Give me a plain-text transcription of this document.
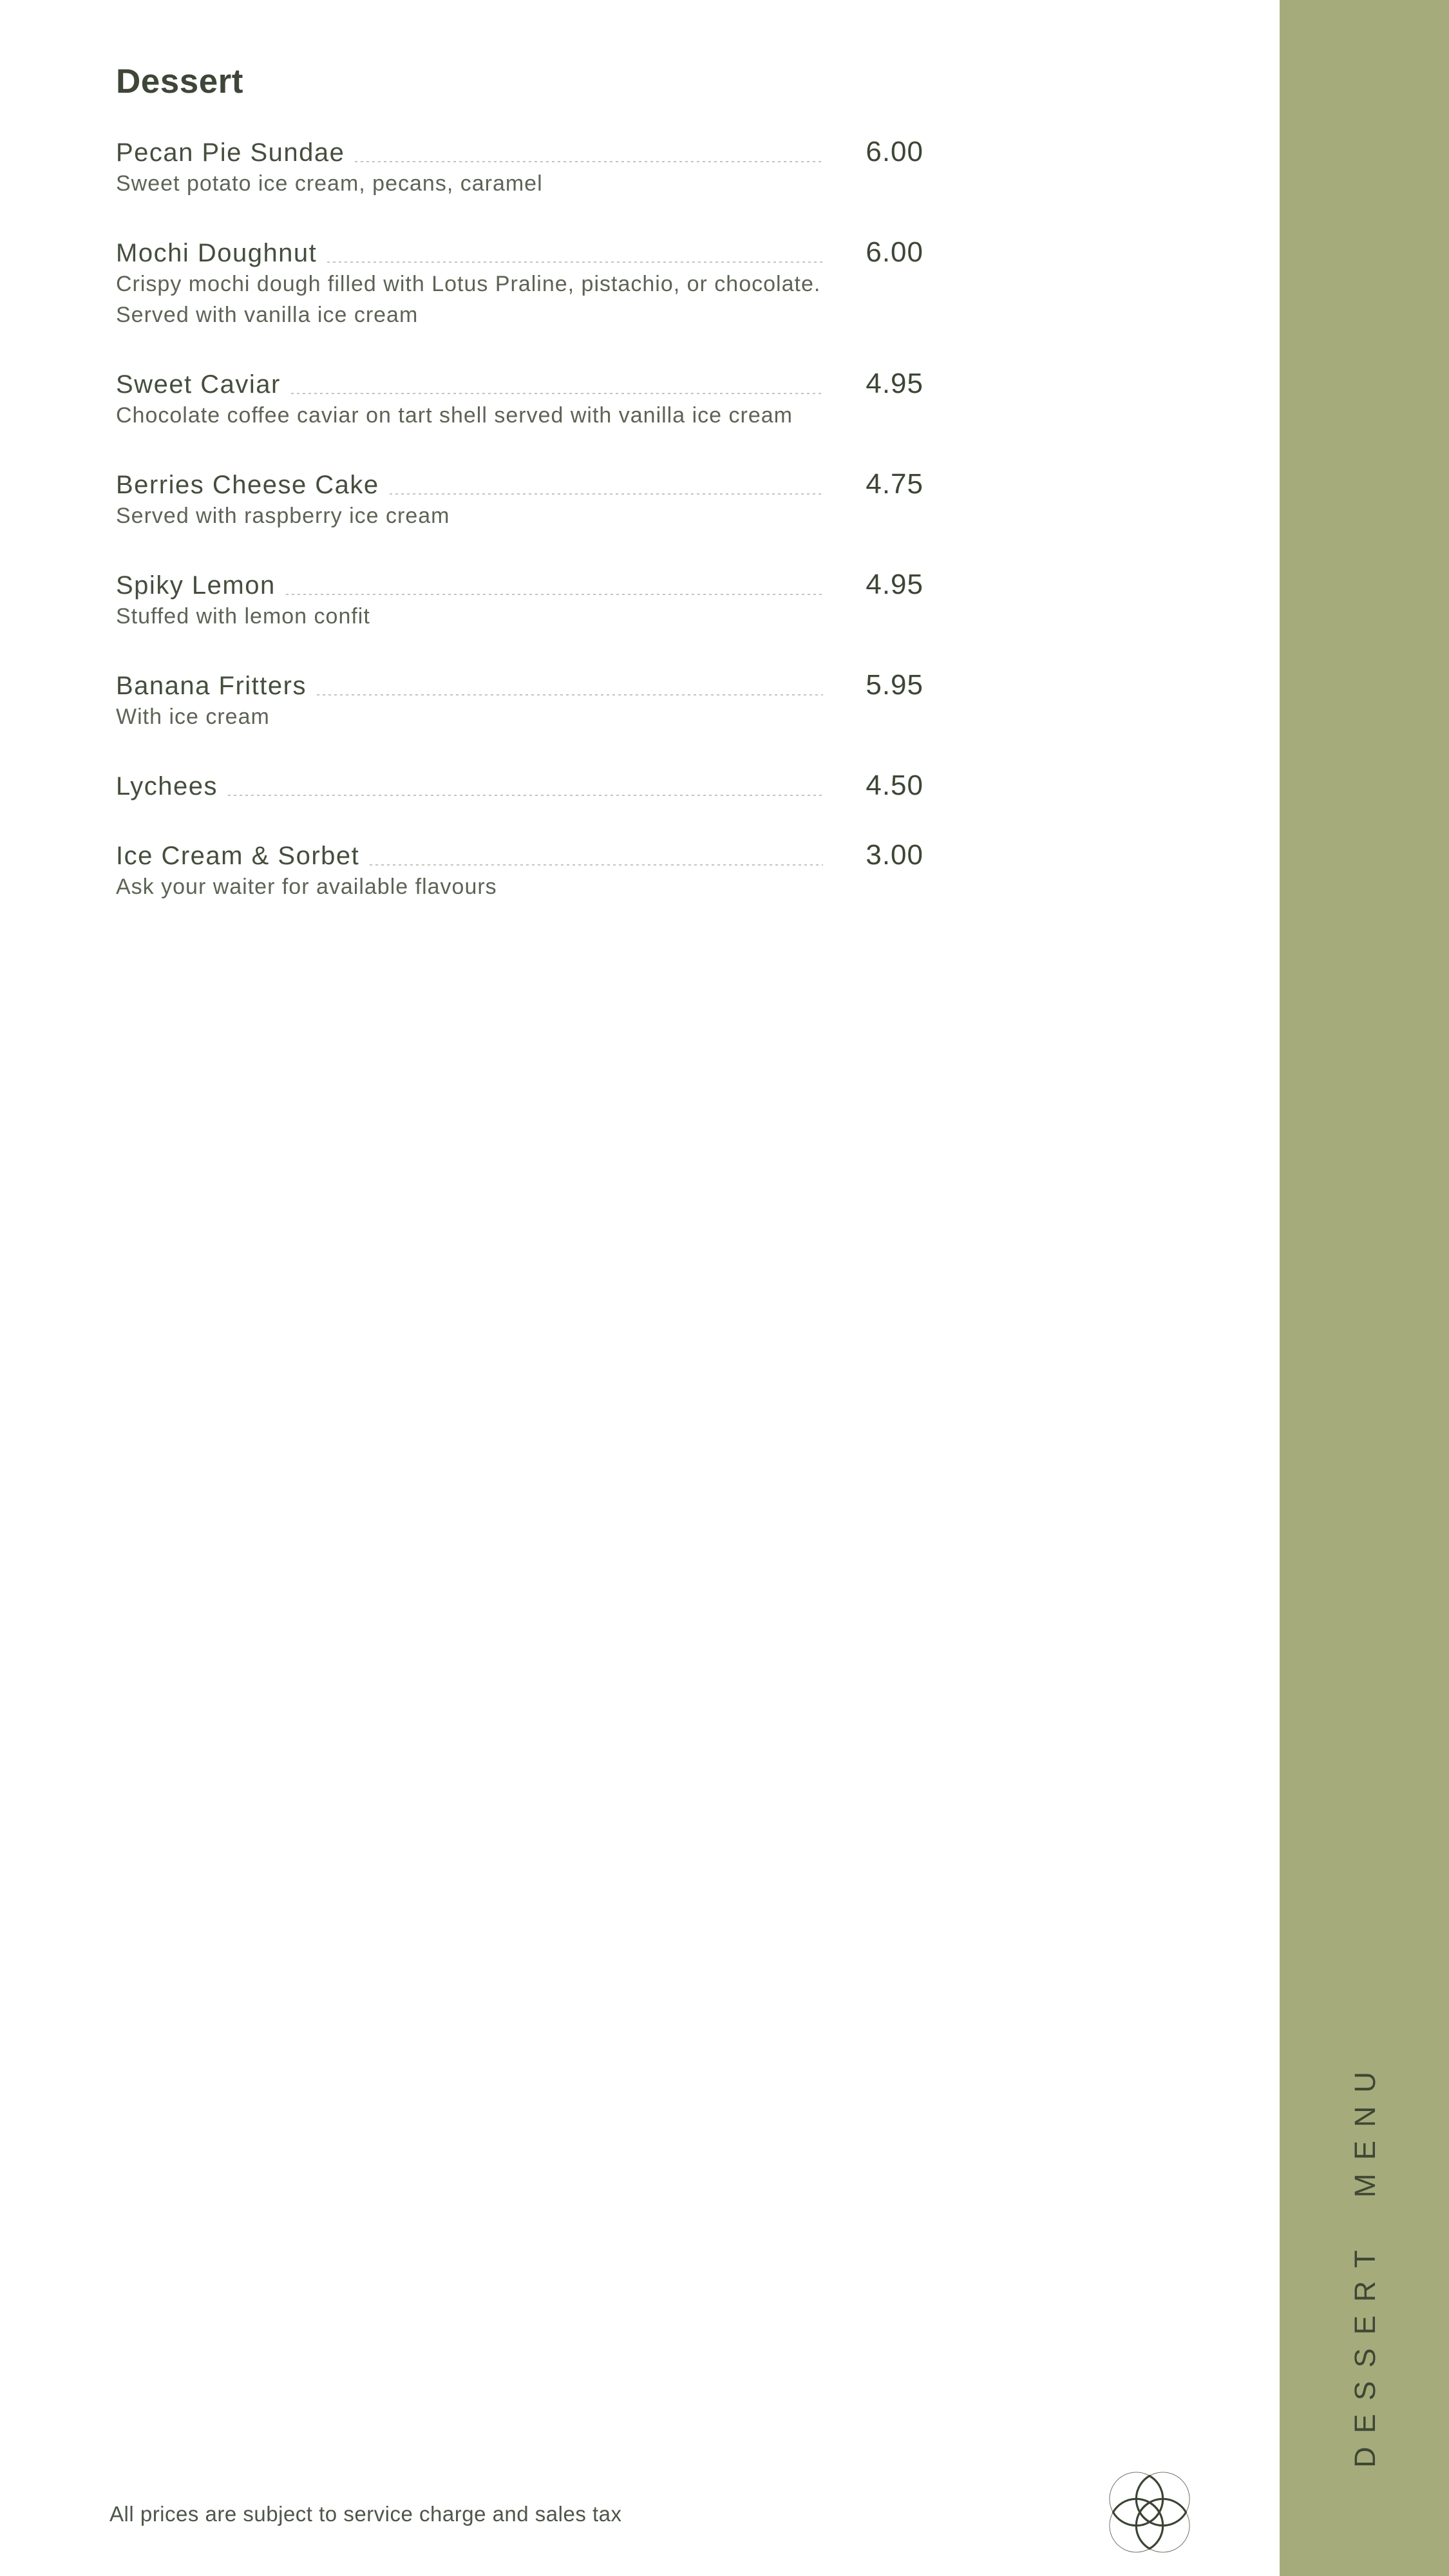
DESSERT MENU
Dessert
Pecan Pie Sundae	6.00
Sweet potato ice cream, pecans, caramel
Mochi Doughnut	6.00
Crispy mochi dough filled with Lotus Praline, pistachio, or chocolate.
Served with vanilla ice cream
Sweet Caviar	4.95
Chocolate coffee caviar on tart shell served with vanilla ice cream
Berries Cheese Cake	4.75
Served with raspberry ice cream
Spiky Lemon	4.95
Stuffed with lemon confit
Banana Fritters	5.95
With ice cream
Lychees	4.50
Ice Cream & Sorbet	3.00
Ask your waiter for available flavours
All prices are subject to service charge and sales tax
